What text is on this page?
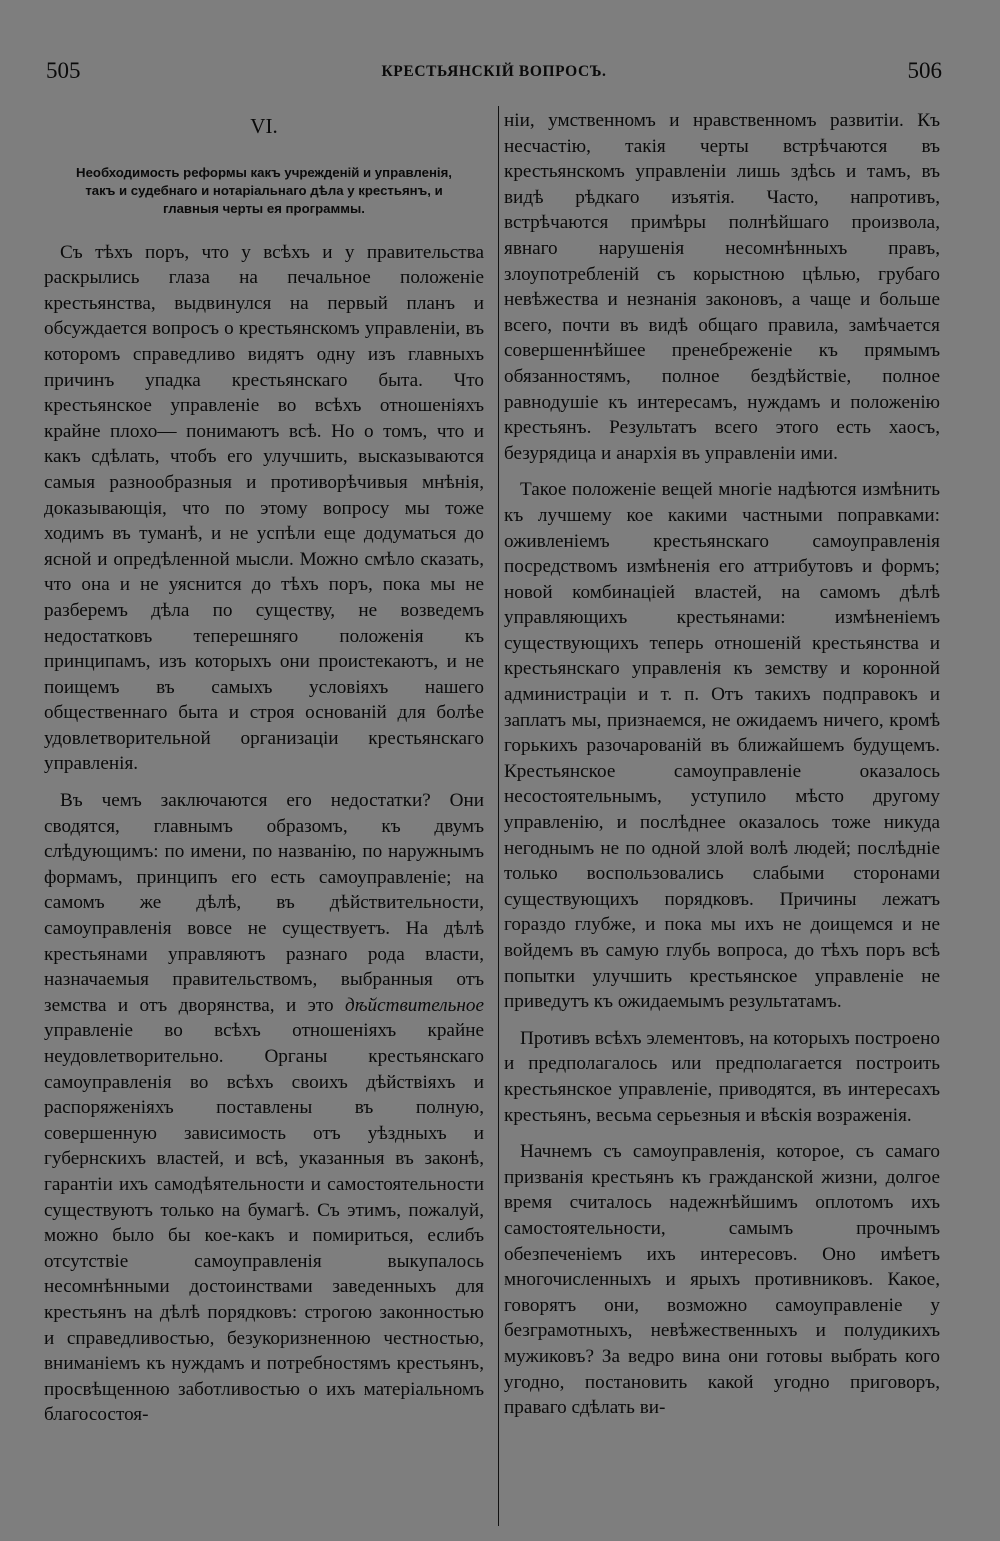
505	КРЕСТЬЯНСКІЙ ВОПРОСЪ.	506
VI.
Необходимость реформы какъ учрежденій и управленія,
такъ и судебнаго и нотаріальнаго дѣла у крестьянъ, и
главныя черты ея программы.

Съ тѣхъ поръ, что у всѣхъ и у правительства раскрылись глаза на печальное положеніе крестьянства, выдвинулся на первый планъ и обсуждается вопросъ о крестьянскомъ управленіи, въ которомъ справедливо видятъ одну изъ главныхъ причинъ упадка крестьянскаго быта. Что крестьянское управленіе во всѣхъ отношеніяхъ крайне плохо— понимаютъ всѣ. Но о томъ, что и какъ сдѣлать, чтобъ его улучшить, высказываются самыя разнообразныя и противорѣчивыя мнѣнія, доказывающія, что по этому вопросу мы тоже ходимъ въ туманѣ, и не успѣли еще додуматься до ясной и опредѣленной мысли. Можно смѣло сказать, что она и не уяснится до тѣхъ поръ, пока мы не разберемъ дѣла по существу, не возведемъ недостатковъ теперешняго положенія къ принципамъ, изъ которыхъ они проистекаютъ, и не поищемъ въ самыхъ условіяхъ нашего общественнаго быта и строя основаній для болѣе удовлетворительной организаціи крестьянскаго управленія.

Въ чемъ заключаются его недостатки? Они сводятся, главнымъ образомъ, къ двумъ слѣдующимъ: по имени, по названію, по наружнымъ формамъ, принципъ его есть самоуправленіе; на самомъ же дѣлѣ, въ дѣйствительности, самоуправленія вовсе не существуетъ. На дѣлѣ крестьянами управляютъ разнаго рода власти, назначаемыя правительствомъ, выбранныя отъ земства и отъ дворянства, и это дѣйствительное управленіе во всѣхъ отношеніяхъ крайне неудовлетворительно. Органы крестьянскаго самоуправленія во всѣхъ своихъ дѣйствіяхъ и распоряженіяхъ поставлены въ полную, совершенную зависимость отъ уѣздныхъ и губернскихъ властей, и всѣ, указанныя въ законѣ, гарантіи ихъ самодѣятельности и самостоятельности существуютъ только на бумагѣ. Съ этимъ, пожалуй, можно было бы кое-какъ и помириться, еслибъ отсутствіе самоуправленія выкупалось несомнѣнными достоинствами заведенныхъ для крестьянъ на дѣлѣ порядковъ: строгою законностью и справедливостью, безукоризненною честностью, вниманіемъ къ нуждамъ и потребностямъ крестьянъ, просвѣщенною заботливостью о ихъ матеріальномъ благосостоя-

ніи, умственномъ и нравственномъ развитіи. Къ несчастію, такія черты встрѣчаются въ крестьянскомъ управленіи лишь здѣсь и тамъ, въ видѣ рѣдкаго изъятія. Часто, напротивъ, встрѣчаются примѣры полнѣйшаго произвола, явнаго нарушенія несомнѣнныхъ правъ, злоупотребленій съ корыстною цѣлью, грубаго невѣжества и незнанія законовъ, а чаще и больше всего, почти въ видѣ общаго правила, замѣчается совершеннѣйшее пренебреженіе къ прямымъ обязанностямъ, полное бездѣйствіе, полное равнодушіе къ интересамъ, нуждамъ и положенію крестьянъ. Результатъ всего этого есть хаосъ, безурядица и анархія въ управленіи ими.

Такое положеніе вещей многіе надѣются измѣнить къ лучшему кое какими частными поправками: оживленіемъ крестьянскаго самоуправленія посредствомъ измѣненія его аттрибутовъ и формъ; новой комбинаціей властей, на самомъ дѣлѣ управляющихъ крестьянами: измѣненіемъ существующихъ теперь отношеній крестьянства и крестьянскаго управленія къ земству и коронной администраціи и т. п. Отъ такихъ подправокъ и заплатъ мы, признаемся, не ожидаемъ ничего, кромѣ горькихъ разочарованій въ ближайшемъ будущемъ. Крестьянское самоуправленіе оказалось несостоятельнымъ, уступило мѣсто другому управленію, и послѣднее оказалось тоже никуда негоднымъ не по одной злой волѣ людей; послѣдніе только воспользовались слабыми сторонами существующихъ порядковъ. Причины лежатъ гораздо глубже, и пока мы ихъ не доищемся и не войдемъ въ самую глубь вопроса, до тѣхъ поръ всѣ попытки улучшить крестьянское управленіе не приведутъ къ ожидаемымъ результатамъ.

Противъ всѣхъ элементовъ, на которыхъ построено и предполагалось или предполагается построить крестьянское управленіе, приводятся, въ интересахъ крестьянъ, весьма серьезныя и вѣскія возраженія.

Начнемъ съ самоуправленія, которое, съ самаго призванія крестьянъ къ гражданской жизни, долгое время считалось надежнѣйшимъ оплотомъ ихъ самостоятельности, самымъ прочнымъ обезпеченіемъ ихъ интересовъ. Оно имѣетъ многочисленныхъ и ярыхъ противниковъ. Какое, говорятъ они, возможно самоуправленіе у безграмотныхъ, невѣжественныхъ и полудикихъ мужиковъ? За ведро вина они готовы выбрать кого угодно, постановить какой угодно приговоръ, праваго сдѣлать ви-
